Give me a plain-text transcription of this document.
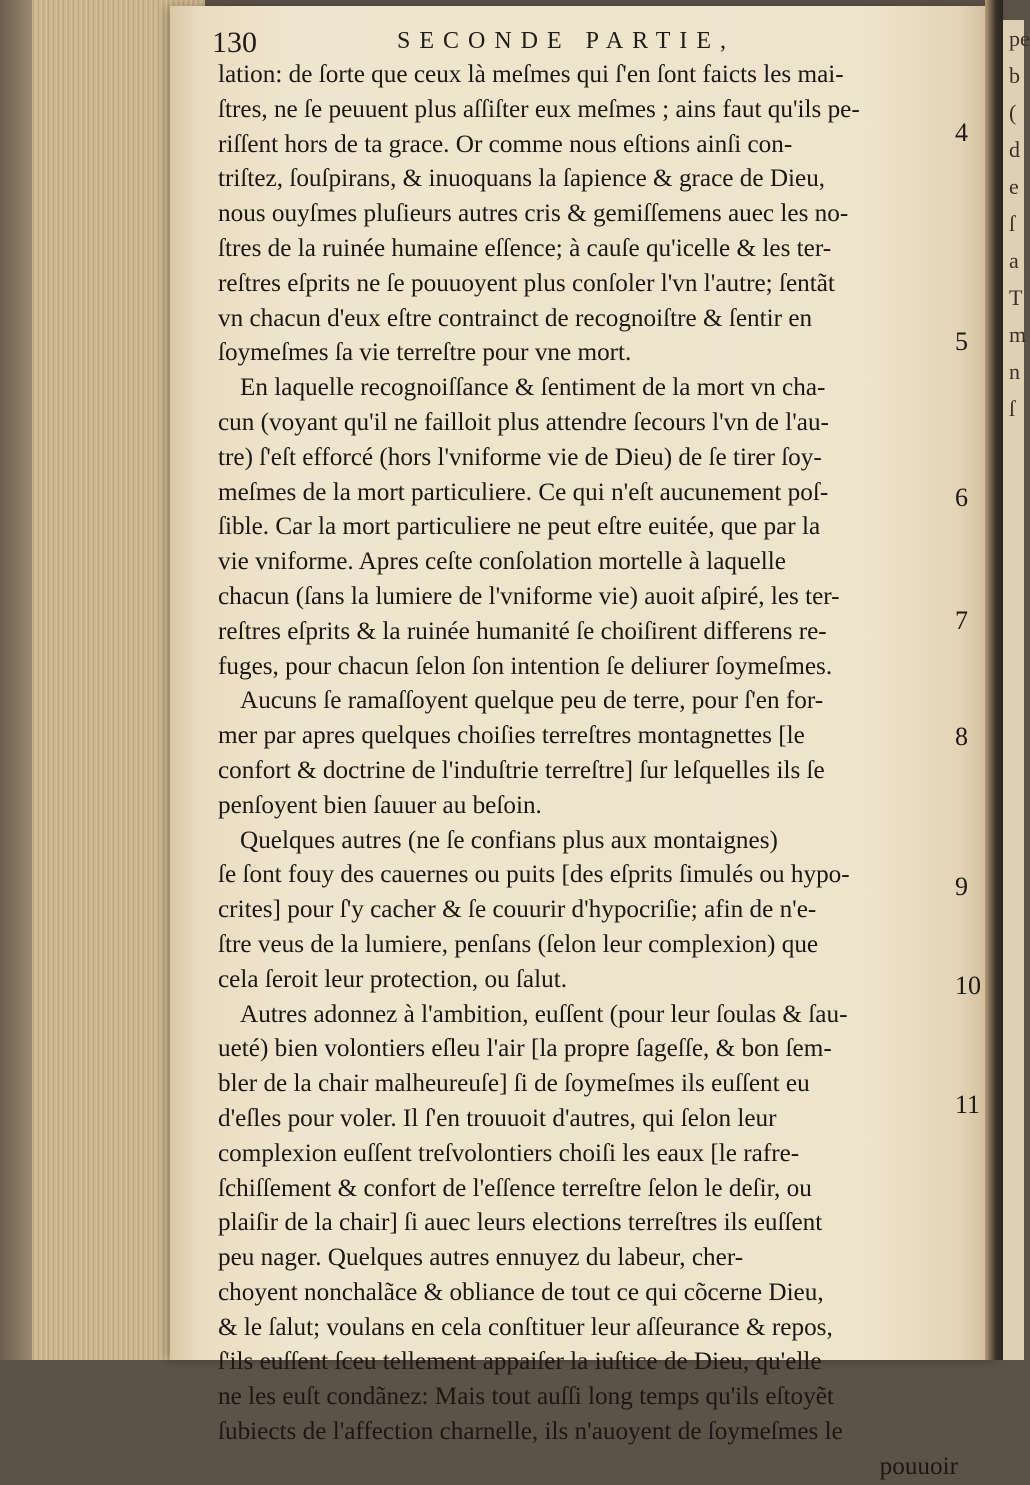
pe
b
(
d
e
ſ
a
T
m
n
ſ
130	SECONDE PARTIE,
lation: de ſorte que ceux là meſmes qui ſ'en ſont faicts les mai-
ſtres, ne ſe peuuent plus aſſiſter eux meſmes ; ains faut qu'ils pe-
riſſent hors de ta grace. Or comme nous eſtions ainſi con-
triſtez, ſouſpirans, & inuoquans la ſapience & grace de Dieu,
nous ouyſmes pluſieurs autres cris & gemiſſemens auec les no-
ſtres de la ruinée humaine eſſence; à cauſe qu'icelle & les ter-
reſtres eſprits ne ſe pouuoyent plus conſoler l'vn l'autre; ſentãt
vn chacun d'eux eſtre contrainct de recognoiſtre & ſentir en
ſoymeſmes ſa vie terreſtre pour vne mort.
En laquelle recognoiſſance & ſentiment de la mort vn cha-
cun (voyant qu'il ne failloit plus attendre ſecours l'vn de l'au-
tre) ſ'eſt efforcé (hors l'vniforme vie de Dieu) de ſe tirer ſoy-
meſmes de la mort particuliere. Ce qui n'eſt aucunement poſ-
ſible. Car la mort particuliere ne peut eſtre euitée, que par la
vie vniforme. Apres ceſte conſolation mortelle à laquelle
chacun (ſans la lumiere de l'vniforme vie) auoit aſpiré, les ter-
reſtres eſprits & la ruinée humanité ſe choiſirent differens re-
fuges, pour chacun ſelon ſon intention ſe deliurer ſoymeſmes.
Aucuns ſe ramaſſoyent quelque peu de terre, pour ſ'en for-
mer par apres quelques choiſies terreſtres montagnettes [le
confort & doctrine de l'induſtrie terreſtre] ſur leſquelles ils ſe
penſoyent bien ſauuer au beſoin.
Quelques autres (ne ſe confians plus aux montaignes)
ſe ſont fouy des cauernes ou puits [des eſprits ſimulés ou hypo-
crites] pour ſ'y cacher & ſe couurir d'hypocriſie; afin de n'e-
ſtre veus de la lumiere, penſans (ſelon leur complexion) que
cela ſeroit leur protection, ou ſalut.
Autres adonnez à l'ambition, euſſent (pour leur ſoulas & ſau-
ueté) bien volontiers eſleu l'air [la propre ſageſſe, & bon ſem-
bler de la chair malheureuſe] ſi de ſoymeſmes ils euſſent eu
d'eſles pour voler. Il ſ'en trouuoit d'autres, qui ſelon leur
complexion euſſent treſvolontiers choiſi les eaux [le rafre-
ſchiſſement & confort de l'eſſence terreſtre ſelon le deſir, ou
plaiſir de la chair] ſi auec leurs elections terreſtres ils euſſent
peu nager. Quelques autres ennuyez du labeur, cher-
choyent nonchalãce & obliance de tout ce qui cõcerne Dieu,
& le ſalut; voulans en cela conſtituer leur aſſeurance & repos,
ſ'ils euſſent ſceu tellement appaiſer la iuſtice de Dieu, qu'elle
ne les euſt condãnez: Mais tout auſſi long temps qu'ils eſtoyẽt
ſubiects de l'affection charnelle, ils n'auoyent de ſoymeſmes le
pouuoir
4
5
6
7
8
9
10
11
